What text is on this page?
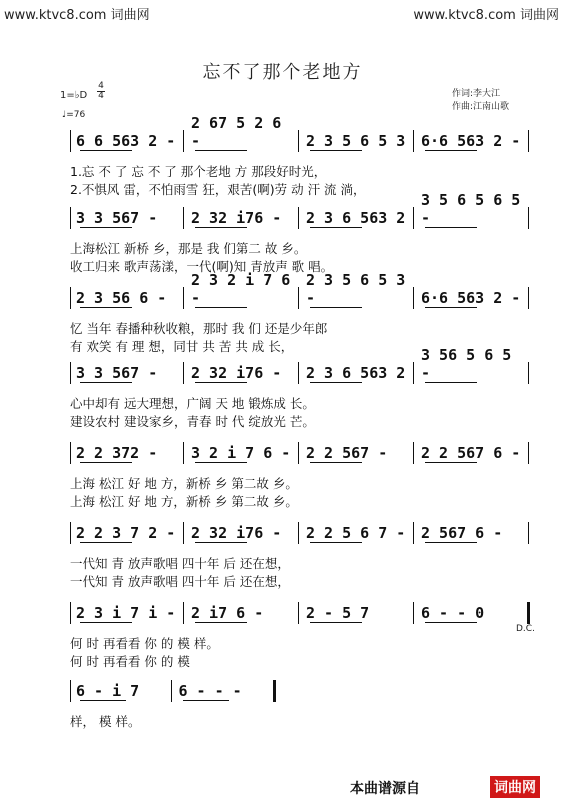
www.ktvc8.com 词曲网	www.ktvc8.com 词曲网
忘不了那个老地方
1=♭D
4
4
♩=76
作词:李大江
作曲:江南山歌
6 6 563 2 -
2 67 5 2 6 -	2 3 5 6 5 3 6·6 563 2 -
1.忘 不 了 忘 不 了 那个老地 方 那段好时光，
2.不惧风 雷，不怕雨雪 狂，艰苦(啊)劳 动 汗 流 淌，
3 3 567 -	2 32 i76 -	2 3 6 563 2
3 5 6 5 6 5 -
上海松江 新桥 乡，那是 我 们第二 故 乡。
收工归来 歌声荡漾，一代(啊)知 青放声 歌 唱。
2 3 56 6 -
2 3 2 i 7 6 -
2 3 5 6 5 3 -	6·6 563 2 -
忆 当年 春播种秋收粮，那时 我 们 还是少年郎
有 欢笑 有 理 想，同甘 共 苦 共 成 长，
3 3 567 -	2 32 i76 -	2 3 6 563 2
3 56 5 6 5 -
心中却有 远大理想，广阔 天 地 锻炼成 长。
建设农村 建设家乡，青春 时 代 绽放光 芒。
2 2 372 -	3 2 i 7 6 - 2 2 567 -	2 2 567 6 -
上海 松江 好 地 方，新桥 乡 第二故 乡。
上海 松江 好 地 方，新桥 乡 第二故 乡。
2 2 3 7 2 - 2 32 i76 -	2 2 5 6 7 - 2 567 6 -
一代知 青 放声歌唱 四十年 后 还在想，
一代知 青 放声歌唱 四十年 后 还在想，
2 3 i 7 i - 2 i7 6 -	2 - 5 7	6 - - 0
何 时 再看看 你 的 模 样。
何 时 再看看 你 的 模
D.C.
6 - i 7	6 - - -
样， 模 样。
本曲谱源自	词曲网
